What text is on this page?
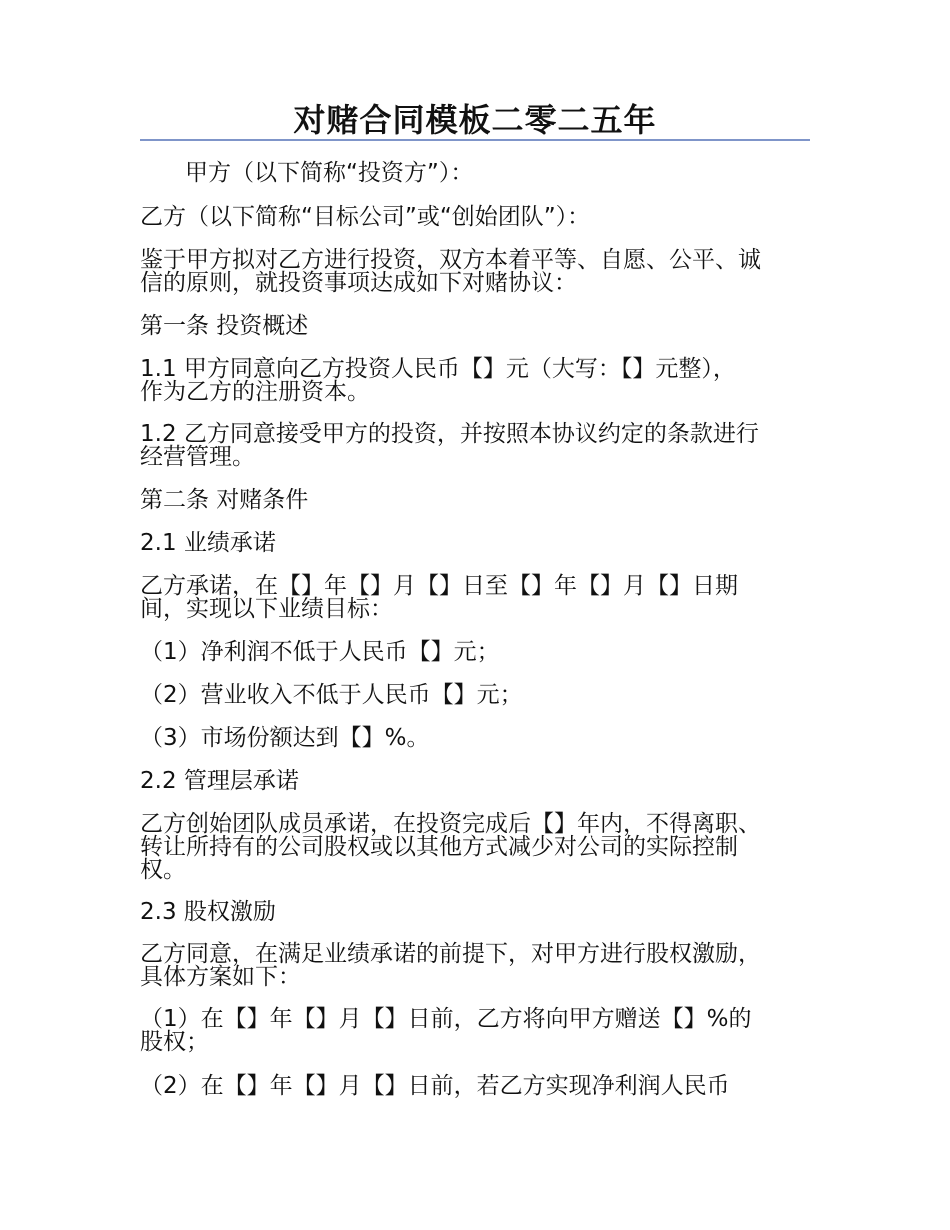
对赌合同模板二零二五年

甲方（以下简称“投资方”）：

乙方（以下简称“目标公司”或“创始团队”）：

鉴于甲方拟对乙方进行投资，双方本着平等、自愿、公平、诚
信的原则，就投资事项达成如下对赌协议：

第一条 投资概述

1.1 甲方同意向乙方投资人民币【】元（大写：【】元整），
作为乙方的注册资本。
1.2 乙方同意接受甲方的投资，并按照本协议约定的条款进行
经营管理。

第二条 对赌条件

2.1 业绩承诺

乙方承诺，在【】年【】月【】日至【】年【】月【】日期
间，实现以下业绩目标：

（1）净利润不低于人民币【】元；

（2）营业收入不低于人民币【】元；

（3）市场份额达到【】%。

2.2 管理层承诺

乙方创始团队成员承诺，在投资完成后【】年内，不得离职、
转让所持有的公司股权或以其他方式减少对公司的实际控制
权。

2.3 股权激励

乙方同意，在满足业绩承诺的前提下，对甲方进行股权激励，
具体方案如下：
（1）在【】年【】月【】日前，乙方将向甲方赠送【】%的
股权；

（2）在【】年【】月【】日前，若乙方实现净利润人民币
